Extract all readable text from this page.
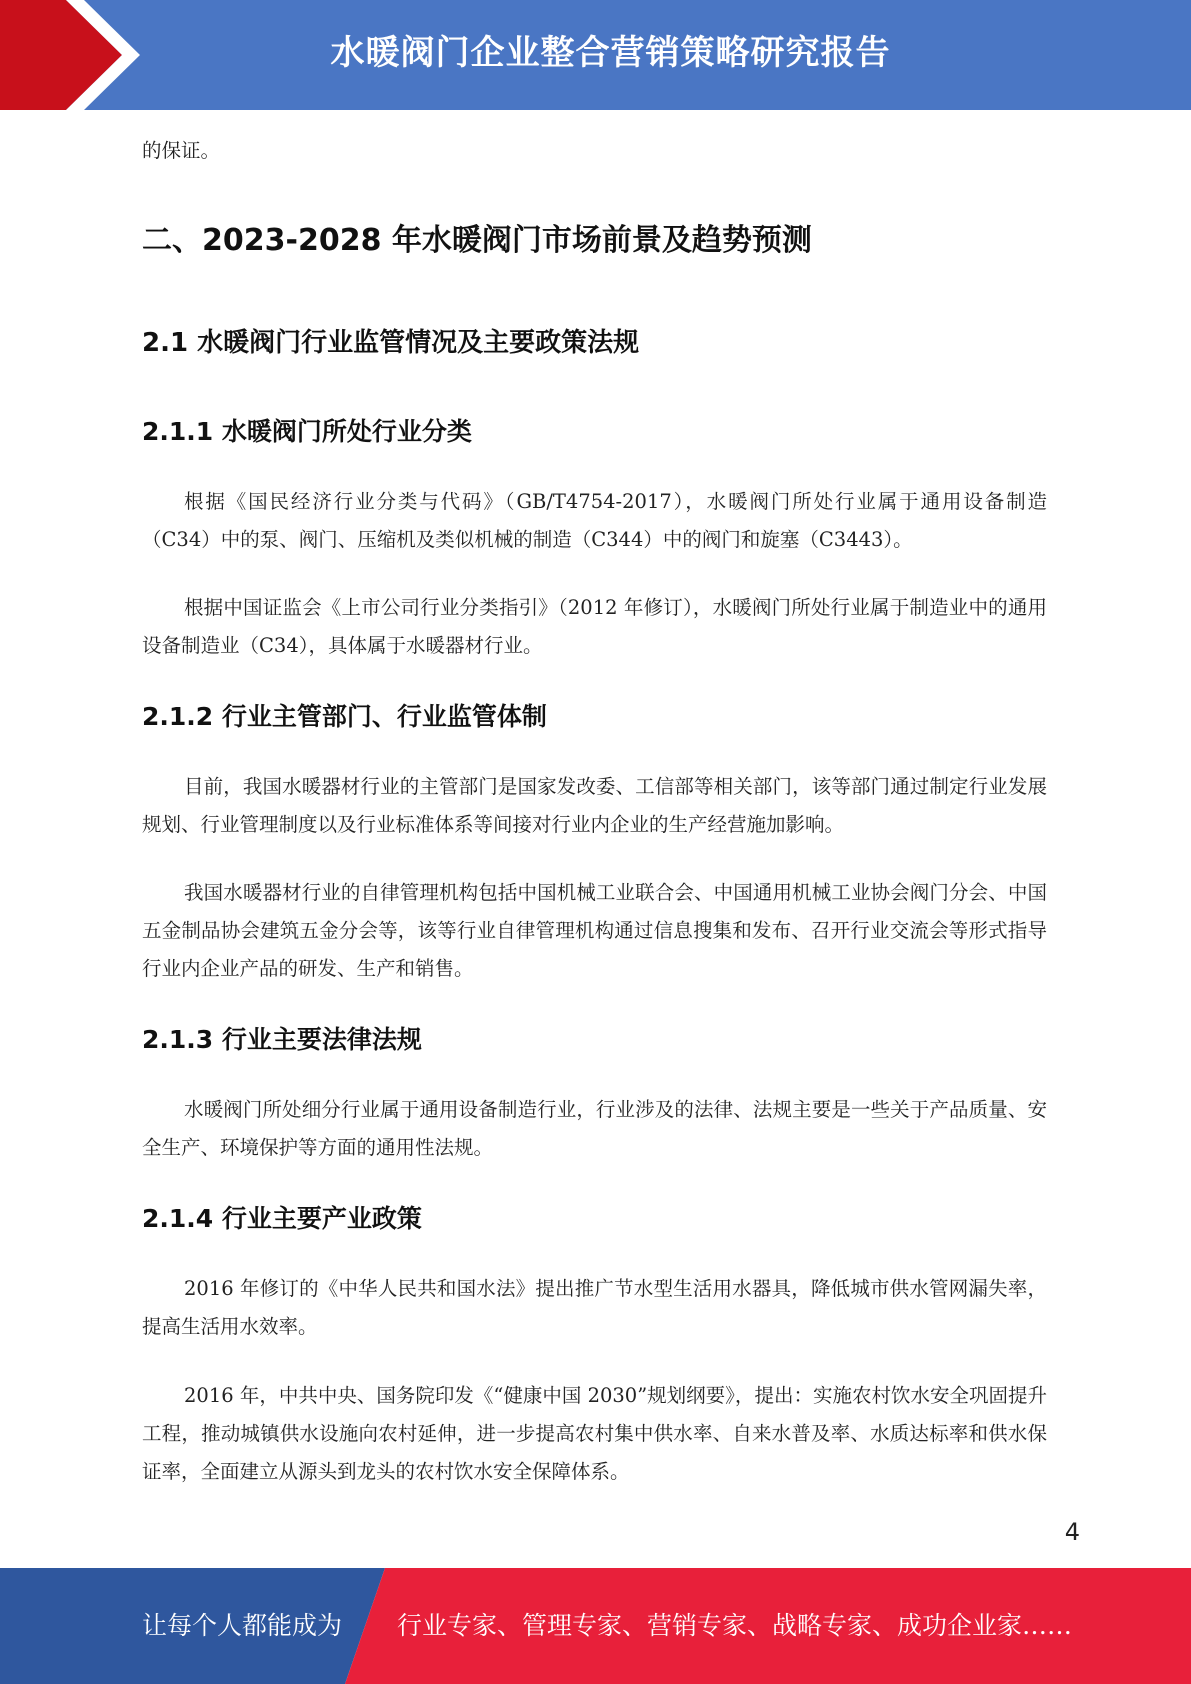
水暖阀门企业整合营销策略研究报告

的保证。

二、2023-2028 年水暖阀门市场前景及趋势预测
2.1 水暖阀门行业监管情况及主要政策法规
2.1.1 水暖阀门所处行业分类

根据《国民经济行业分类与代码》（GB/T4754-2017），水暖阀门所处行业属于通用设备制造（C34）中的泵、阀门、压缩机及类似机械的制造（C344）中的阀门和旋塞（C3443）。

根据中国证监会《上市公司行业分类指引》（2012 年修订），水暖阀门所处行业属于制造业中的通用设备制造业（C34），具体属于水暖器材行业。

2.1.2 行业主管部门、行业监管体制

目前，我国水暖器材行业的主管部门是国家发改委、工信部等相关部门，该等部门通过制定行业发展规划、行业管理制度以及行业标准体系等间接对行业内企业的生产经营施加影响。

我国水暖器材行业的自律管理机构包括中国机械工业联合会、中国通用机械工业协会阀门分会、中国五金制品协会建筑五金分会等，该等行业自律管理机构通过信息搜集和发布、召开行业交流会等形式指导行业内企业产品的研发、生产和销售。

2.1.3 行业主要法律法规

水暖阀门所处细分行业属于通用设备制造行业，行业涉及的法律、法规主要是一些关于产品质量、安全生产、环境保护等方面的通用性法规。

2.1.4 行业主要产业政策

2016 年修订的《中华人民共和国水法》提出推广节水型生活用水器具，降低城市供水管网漏失率，提高生活用水效率。

2016 年，中共中央、国务院印发《“健康中国 2030”规划纲要》，提出：实施农村饮水安全巩固提升工程，推动城镇供水设施向农村延伸，进一步提高农村集中供水率、自来水普及率、水质达标率和供水保证率，全面建立从源头到龙头的农村饮水安全保障体系。

4
让每个人都能成为 行业专家、管理专家、营销专家、战略专家、成功企业家……
